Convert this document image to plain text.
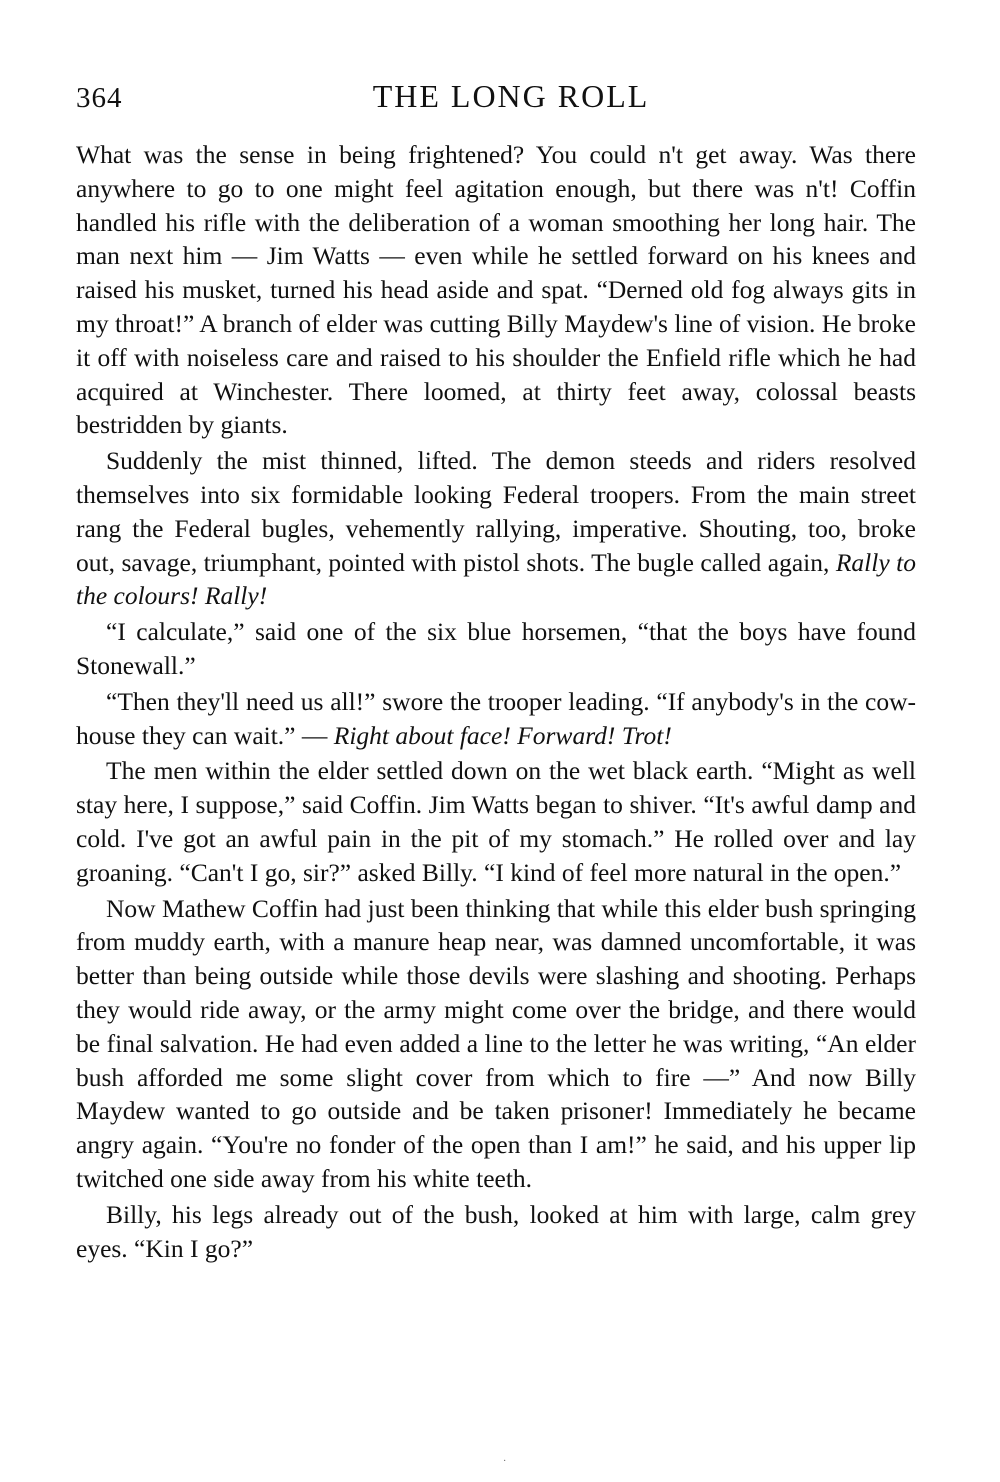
364	THE LONG ROLL

What was the sense in being frightened? You could n't get away. Was there anywhere to go to one might feel agitation enough, but there was n't! Coffin handled his rifle with the deliberation of a woman smoothing her long hair. The man next him — Jim Watts — even while he settled forward on his knees and raised his musket, turned his head aside and spat. “Derned old fog always gits in my throat!” A branch of elder was cutting Billy Maydew's line of vision. He broke it off with noiseless care and raised to his shoulder the Enfield rifle which he had acquired at Winchester. There loomed, at thirty feet away, colossal beasts bestridden by giants.

Suddenly the mist thinned, lifted. The demon steeds and riders resolved themselves into six formidable looking Federal troopers. From the main street rang the Federal bugles, vehemently rallying, imperative. Shouting, too, broke out, savage, triumphant, pointed with pistol shots. The bugle called again, Rally to the colours! Rally!

“I calculate,” said one of the six blue horsemen, “that the boys have found Stonewall.”

“Then they'll need us all!” swore the trooper leading. “If anybody's in the cow-house they can wait.” — Right about face! Forward! Trot!

The men within the elder settled down on the wet black earth. “Might as well stay here, I suppose,” said Coffin. Jim Watts began to shiver. “It's awful damp and cold. I've got an awful pain in the pit of my stomach.” He rolled over and lay groaning. “Can't I go, sir?” asked Billy. “I kind of feel more natural in the open.”

Now Mathew Coffin had just been thinking that while this elder bush springing from muddy earth, with a manure heap near, was damned uncomfortable, it was better than being outside while those devils were slashing and shooting. Perhaps they would ride away, or the army might come over the bridge, and there would be final salvation. He had even added a line to the letter he was writing, “An elder bush afforded me some slight cover from which to fire —” And now Billy Maydew wanted to go outside and be taken prisoner! Immediately he became angry again. “You're no fonder of the open than I am!” he said, and his upper lip twitched one side away from his white teeth.

Billy, his legs already out of the bush, looked at him with large, calm grey eyes. “Kin I go?”

·
